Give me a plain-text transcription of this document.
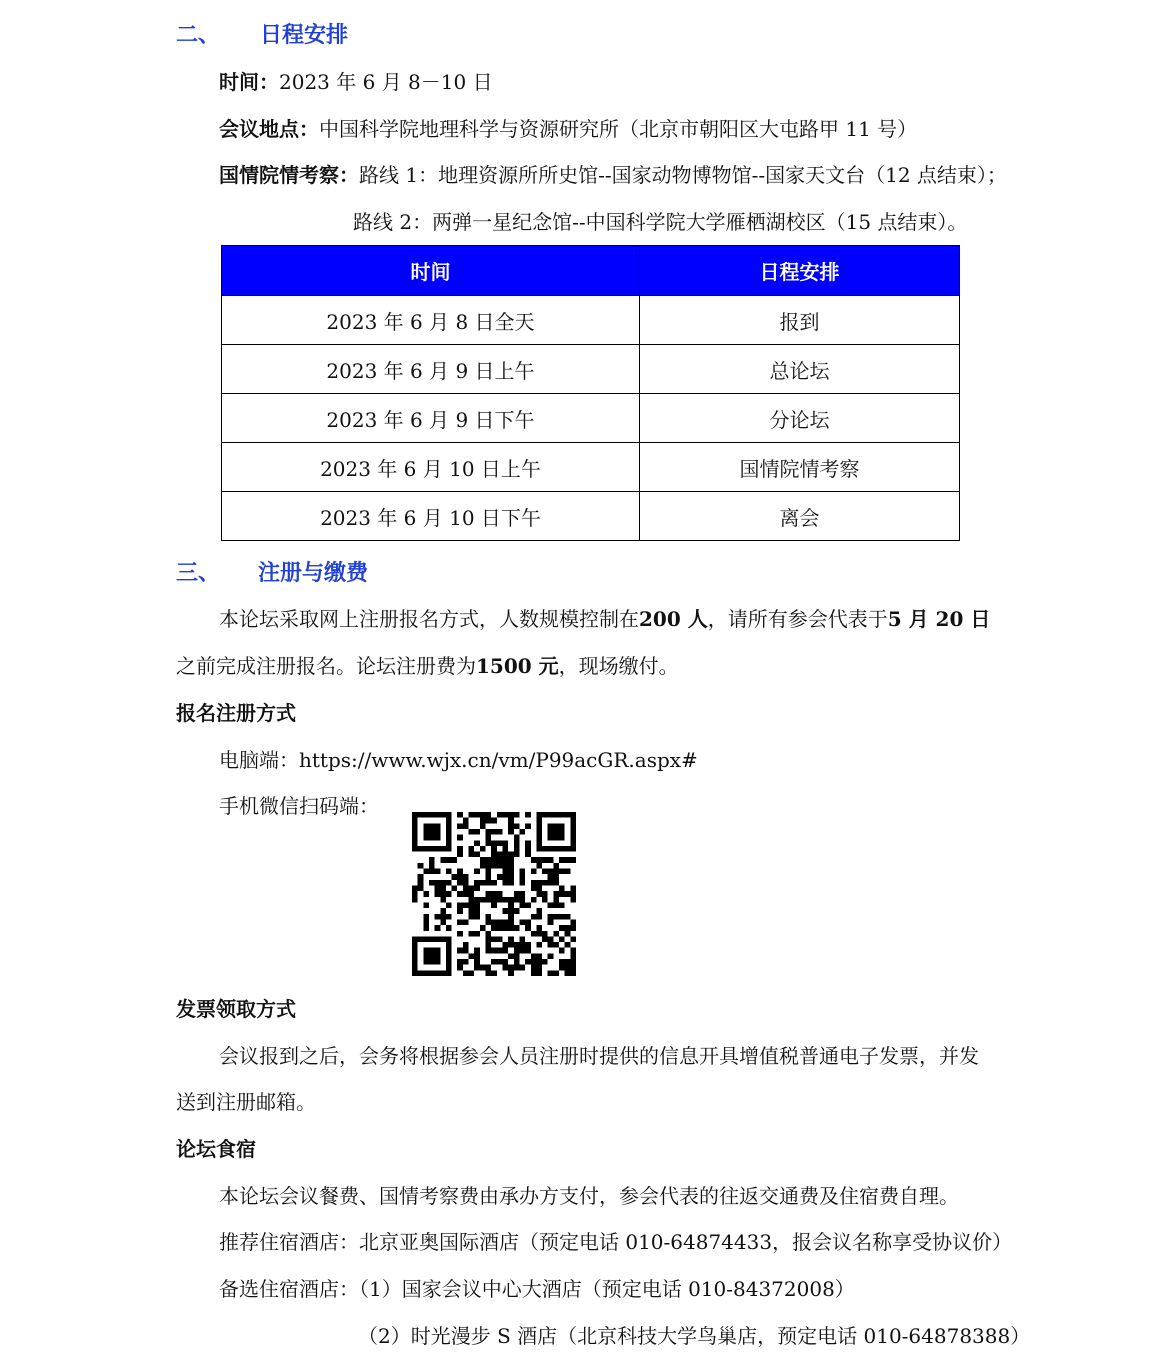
二、 日程安排
时间：2023 年 6 月 8－10 日
会议地点：中国科学院地理科学与资源研究所（北京市朝阳区大屯路甲 11 号）
国情院情考察：路线 1：地理资源所所史馆--国家动物博物馆--国家天文台（12 点结束）；
路线 2：两弹一星纪念馆--中国科学院大学雁栖湖校区（15 点结束）。
时间	日程安排
2023 年 6 月 8 日全天	报到
2023 年 6 月 9 日上午	总论坛
2023 年 6 月 9 日下午	分论坛
2023 年 6 月 10 日上午	国情院情考察
2023 年 6 月 10 日下午	离会
三、 注册与缴费
本论坛采取网上注册报名方式，人数规模控制在200 人，请所有参会代表于5 月 20 日
之前完成注册报名。论坛注册费为1500 元，现场缴付。
报名注册方式
电脑端：https://www.wjx.cn/vm/P99acGR.aspx#
手机微信扫码端：
发票领取方式
会议报到之后，会务将根据参会人员注册时提供的信息开具增值税普通电子发票，并发
送到注册邮箱。
论坛食宿
本论坛会议餐费、国情考察费由承办方支付，参会代表的往返交通费及住宿费自理。
推荐住宿酒店：北京亚奥国际酒店（预定电话 010-64874433，报会议名称享受协议价）
备选住宿酒店：（1）国家会议中心大酒店（预定电话 010-84372008）
（2）时光漫步 S 酒店（北京科技大学鸟巢店，预定电话 010-64878388）
